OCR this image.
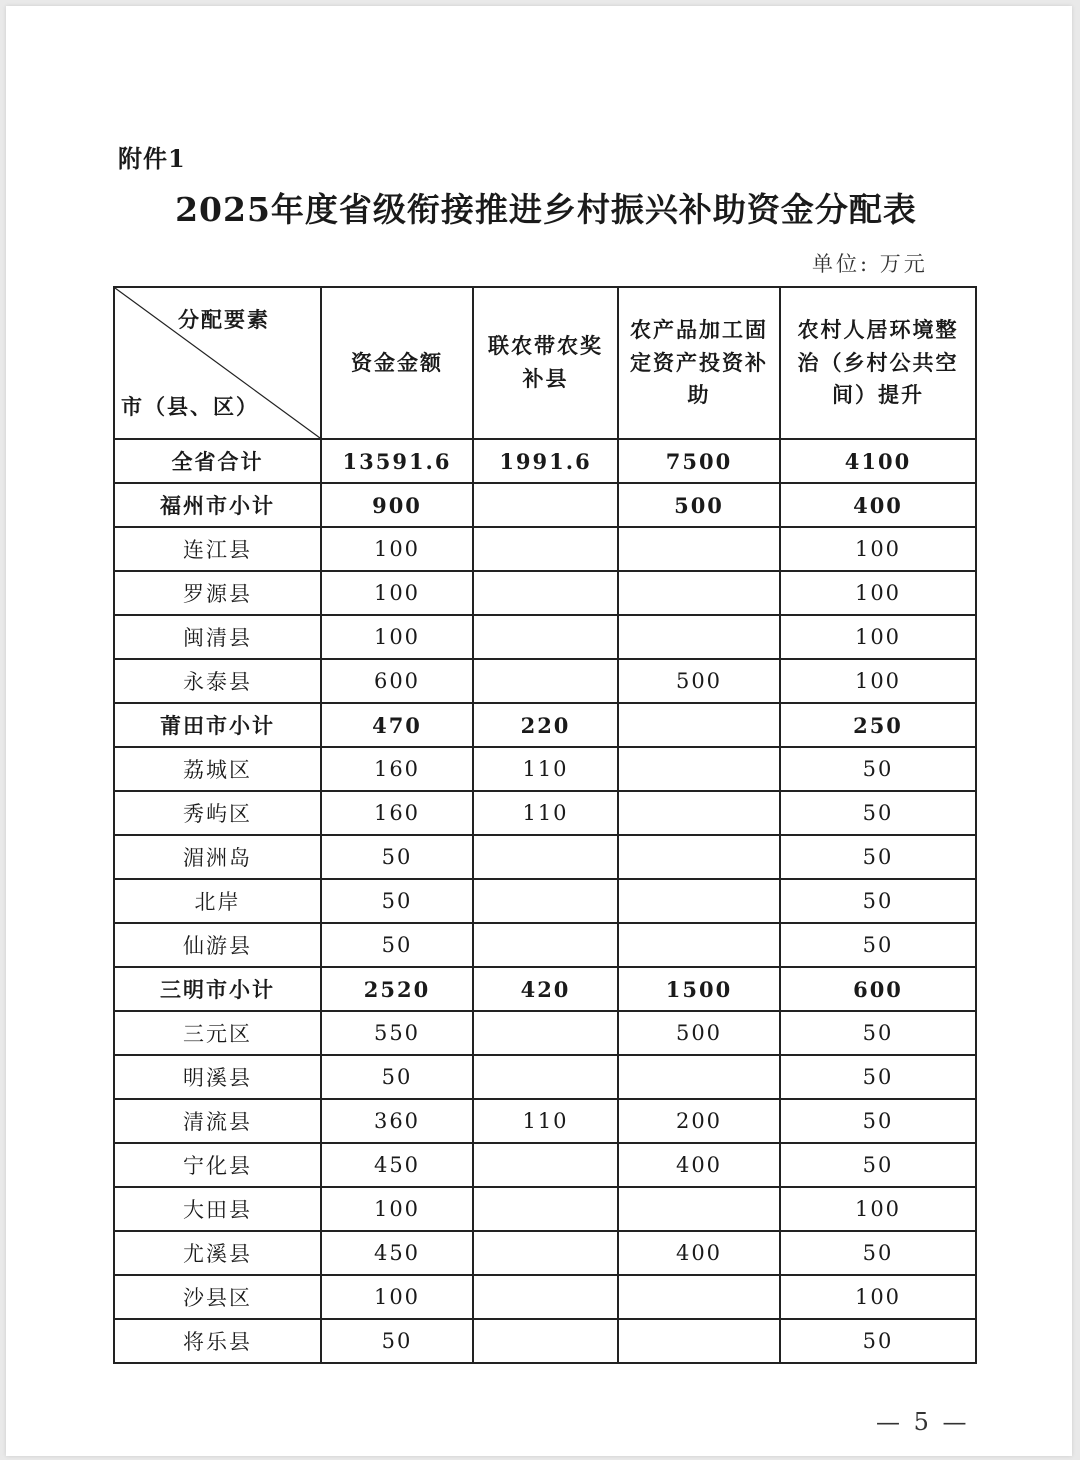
附件1
2025年度省级衔接推进乡村振兴补助资金分配表
单位: 万元
分配要素
市（县、区）	资金金额	联农带农奖补县	农产品加工固定资产投资补助	农村人居环境整治（乡村公共空间）提升
全省合计	13591.6	1991.6	7500	4100
福州市小计	900		500	400
连江县	100			100
罗源县	100			100
闽清县	100			100
永泰县	600		500	100
莆田市小计	470	220		250
荔城区	160	110		50
秀屿区	160	110		50
湄洲岛	50			50
北岸	50			50
仙游县	50			50
三明市小计	2520	420	1500	600
三元区	550		500	50
明溪县	50			50
清流县	360	110	200	50
宁化县	450		400	50
大田县	100			100
尤溪县	450		400	50
沙县区	100			100
将乐县	50			50
— 5 —
